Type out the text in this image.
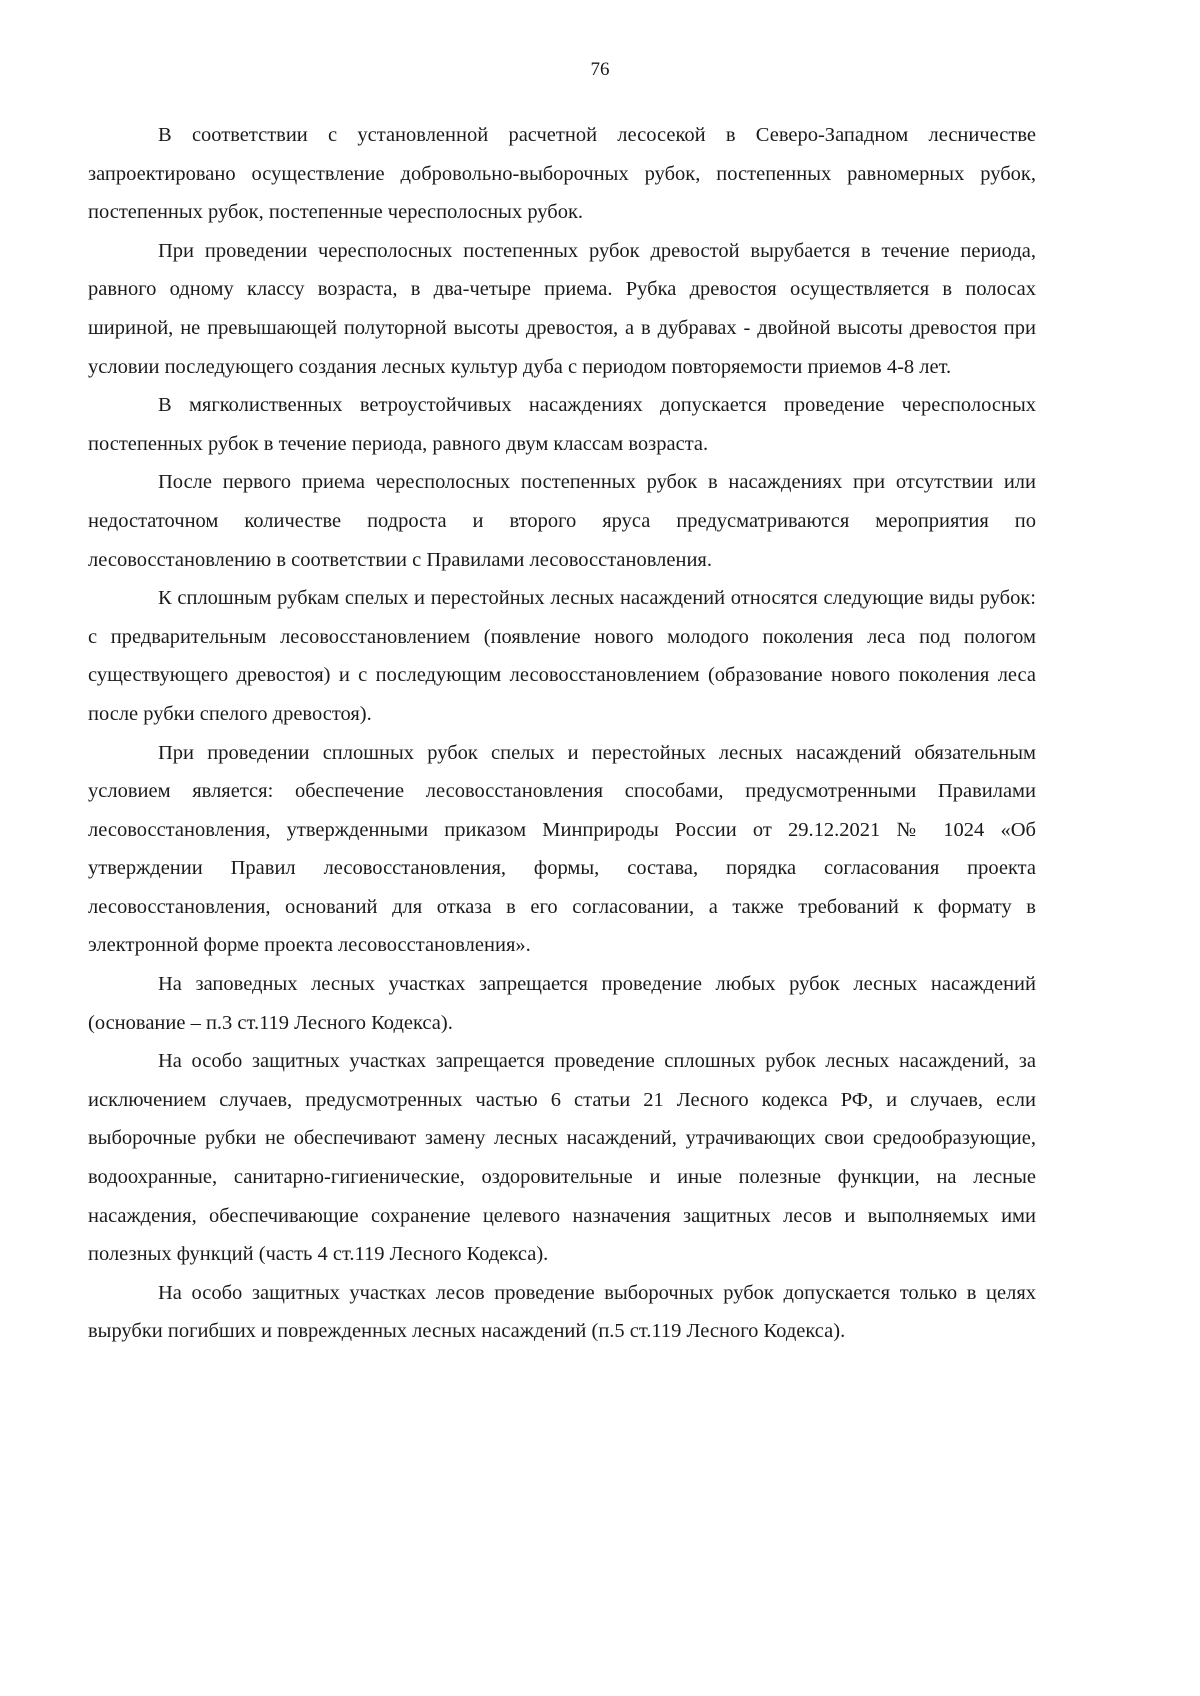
76

В соответствии с установленной расчетной лесосекой в Северо-Западном лесничестве запроектировано осуществление добровольно-выборочных рубок, постепенных равномерных рубок, постепенных рубок, постепенные чересполосных рубок.

При проведении чересполосных постепенных рубок древостой вырубается в течение периода, равного одному классу возраста, в два-четыре приема. Рубка древостоя осуществляется в полосах шириной, не превышающей полуторной высоты древостоя, а в дубравах - двойной высоты древостоя при условии последующего создания лесных культур дуба с периодом повторяемости приемов 4-8 лет.

В мягколиственных ветроустойчивых насаждениях допускается проведение чересполосных постепенных рубок в течение периода, равного двум классам возраста.

После первого приема чересполосных постепенных рубок в насаждениях при отсутствии или недостаточном количестве подроста и второго яруса предусматриваются мероприятия по лесовосстановлению в соответствии с Правилами лесовосстановления.

К сплошным рубкам спелых и перестойных лесных насаждений относятся следующие виды рубок: с предварительным лесовосстановлением (появление нового молодого поколения леса под пологом существующего древостоя) и с последующим лесовосстановлением (образование нового поколения леса после рубки спелого древостоя).

При проведении сплошных рубок спелых и перестойных лесных насаждений обязательным условием является: обеспечение лесовосстановления способами, предусмотренными Правилами лесовосстановления, утвержденными приказом Минприроды России от 29.12.2021 № 1024 «Об утверждении Правил лесовосстановления, формы, состава, порядка согласования проекта лесовосстановления, оснований для отказа в его согласовании, а также требований к формату в электронной форме проекта лесовосстановления».

На заповедных лесных участках запрещается проведение любых рубок лесных насаждений (основание – п.3 ст.119 Лесного Кодекса).

На особо защитных участках запрещается проведение сплошных рубок лесных насаждений, за исключением случаев, предусмотренных частью 6 статьи 21 Лесного кодекса РФ, и случаев, если выборочные рубки не обеспечивают замену лесных насаждений, утрачивающих свои средообразующие, водоохранные, санитарно-гигиенические, оздоровительные и иные полезные функции, на лесные насаждения, обеспечивающие сохранение целевого назначения защитных лесов и выполняемых ими полезных функций (часть 4 ст.119 Лесного Кодекса).

На особо защитных участках лесов проведение выборочных рубок допускается только в целях вырубки погибших и поврежденных лесных насаждений (п.5 ст.119 Лесного Кодекса).
